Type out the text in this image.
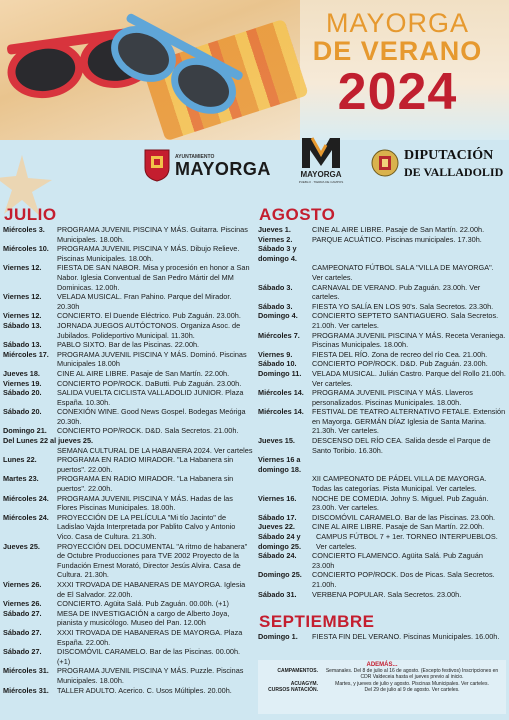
MAYORGA
DE VERANO
2024
AYUNTAMIENTO
MAYORGA	MAYORGA
PUEBLO · TIERRA DE CAMPOS
DIPUTACIÓN
DE VALLADOLID
JULIO
Miércoles 3.	PROGRAMA JUVENIL PISCINA Y MÁS. Guitarra. Piscinas Municipales. 18.00h.
Miércoles 10.	PROGRAMA JUVENIL PISCINA Y MÁS. Dibujo Relieve. Piscinas Municipales. 18.00h.
Viernes 12.	FIESTA DE SAN NABOR. Misa y procesión en honor a San Nabor. Iglesia Conventual de San Pedro Mártir del MM Dominicas. 12.00h.
Viernes 12.	VELADA MUSICAL. Fran Pahino. Parque del Mirador. 20.30h
Viernes 12.	CONCIERTO. El Duende Eléctrico. Pub Zaguán. 23.00h.
Sábado 13.	JORNADA JUEGOS AUTÓCTONOS. Organiza Asoc. de Jubilados. Polideportivo Municipal. 11.30h.
Sábado 13.	PABLO SIXTO. Bar de las Piscinas. 22.00h.
Miércoles 17.	PROGRAMA JUVENIL PISCINA Y MÁS. Dominó. Piscinas Municipales 18.00h
Jueves 18.	CINE AL AIRE LIBRE. Pasaje de San Martín. 22.00h.
Viernes 19.	CONCIERTO POP/ROCK. DaButti. Pub Zaguán. 23.00h.
Sábado 20.	SALIDA VUELTA CICLISTA VALLADOLID JUNIOR. Plaza España. 10.30h.
Sábado 20.	CONEXIÓN WINE. Good News Gospel. Bodegas Meóriga 20.30h.
Domingo 21.	CONCIERTO POP/ROCK. D&D. Sala Secretos. 21.00h.
Del Lunes 22 al jueves 25.
SEMANA CULTURAL DE LA HABANERA 2024. Ver carteles
Lunes 22.	PROGRAMA EN RADIO MIRADOR. "La Habanera sin puertos". 22.00h.
Martes 23.	PROGRAMA EN RADIO MIRADOR. "La Habanera sin puertos". 22.00h.
Miércoles 24.	PROGRAMA JUVENIL PISCINA Y MÁS. Hadas de las Flores Piscinas Municipales. 18.00h.
Miércoles 24.	PROYECCIÓN DE LA PELÍCULA "Mi tío Jacinto" de Ladislao Vajda Interpretada por Pablito Calvo y Antonio Vico. Casa de Cultura. 21.30h.
Jueves 25.	PROYECCIÓN DEL DOCUMENTAL "A ritmo de habanera" de Octubre Producciones para TVE 2002 Proyecto de la Fundación Ernest Morató, Director Jesús Alvira. Casa de Cultura. 21.30h.
Viernes 26.	XXXI TROVADA DE HABANERAS DE MAYORGA. Iglesia de El Salvador. 22.00h.
Viernes 26.	CONCIERTO. Agüita Salá. Pub Zaguán. 00.00h. (+1)
Sábado 27.	MESA DE INVESTIGACIÓN a cargo de Alberto Joya, pianista y musicólogo. Museo del Pan. 12.00h
Sábado 27.	XXXI TROVADA DE HABANERAS DE MAYORGA. Plaza España. 22.00h.
Sábado 27.	DISCOMÓVIL CARAMELO. Bar de las Piscinas. 00.00h. (+1)
Miércoles 31.	PROGRAMA JUVENIL PISCINA Y MÁS. Puzzle. Piscinas Municipales. 18.00h.
Miércoles 31.	TALLER ADULTO. Acerico. C. Usos Múltiples. 20.00h.
AGOSTO
Jueves 1.	CINE AL AIRE LIBRE. Pasaje de San Martín. 22.00h.
Viernes 2.	PARQUE ACUÁTICO. Piscinas municipales. 17.30h.
Sábado 3 y domingo 4.
CAMPEONATO FÚTBOL SALA "VILLA DE MAYORGA". Ver carteles.
Sábado 3.	CARNAVAL DE VERANO. Pub Zaguán. 23.00h. Ver carteles.
Sábado 3.	FIESTA YO SALÍA EN LOS 90's. Sala Secretos. 23.30h.
Domingo 4.	CONCIERTO SEPTETO SANTIAGUERO. Sala Secretos. 21.00h. Ver carteles.
Miércoles 7.	PROGRAMA JUVENIL PISCINA Y MÁS. Receta Veraniega. Piscinas Municipales. 18.00h.
Viernes 9.	FIESTA DEL RÍO. Zona de recreo del río Cea. 21.00h.
Sábado 10.	CONCIERTO POP/ROCK. D&D. Pub Zaguán. 23.00h.
Domingo 11.	VELADA MUSICAL. Julián Castro. Parque del Rollo 21.00h. Ver carteles.
Miércoles 14.	PROGRAMA JUVENIL PISCINA Y MÁS. Llaveros personalizados. Piscinas Municipales. 18.00h.
Miércoles 14.	FESTIVAL DE TEATRO ALTERNATIVO FETALE. Extensión en Mayorga. GERMÁN DÍAZ Iglesia de Santa Marina. 21.30h. Ver carteles.
Jueves 15.	DESCENSO DEL RÍO CEA. Salida desde el Parque de Santo Toribio. 16.30h.
Viernes 16 a domingo 18.
XII CAMPEONATO DE PÁDEL VILLA DE MAYORGA. Todas las categorías. Pista Municipal. Ver carteles.
Viernes 16.	NOCHE DE COMEDIA. Johny S. Miguel. Pub Zaguán. 23.00h. Ver carteles.
Sábado 17.	DISCOMÓVIL CARAMELO. Bar de las Piscinas. 23.00h.
Jueves 22.	CINE AL AIRE LIBRE. Pasaje de San Martín. 22.00h.
Sábado 24 y domingo 25.
CAMPUS FÚTBOL 7 + 1er. TORNEO INTERPUEBLOS. Ver carteles.
Sábado 24.	CONCIERTO FLAMENCO. Agüita Salá. Pub Zaguán 23.00h
Domingo 25.	CONCIERTO POP/ROCK. Dos de Picas. Sala Secretos. 21.00h.
Sábado 31.	VERBENA POPULAR. Sala Secretos. 23.00h.
SEPTIEMBRE
Domingo 1.	FIESTA FIN DEL VERANO. Piscinas Municipales. 16.00h.
ADEMÁS...
CAMPAMENTOS.	Semanales. Del 8 de julio al 16 de agosto. (Excepto festivos) Inscripciones en CDR Valdeceia hasta el jueves previo al inicio.
ACUAGYM.	Martes, y jueves de julio y agosto. Piscinas Municipales. Ver carteles.
CURSOS NATACIÓN.	Del 29 de julio al 9 de agosto. Ver carteles.
